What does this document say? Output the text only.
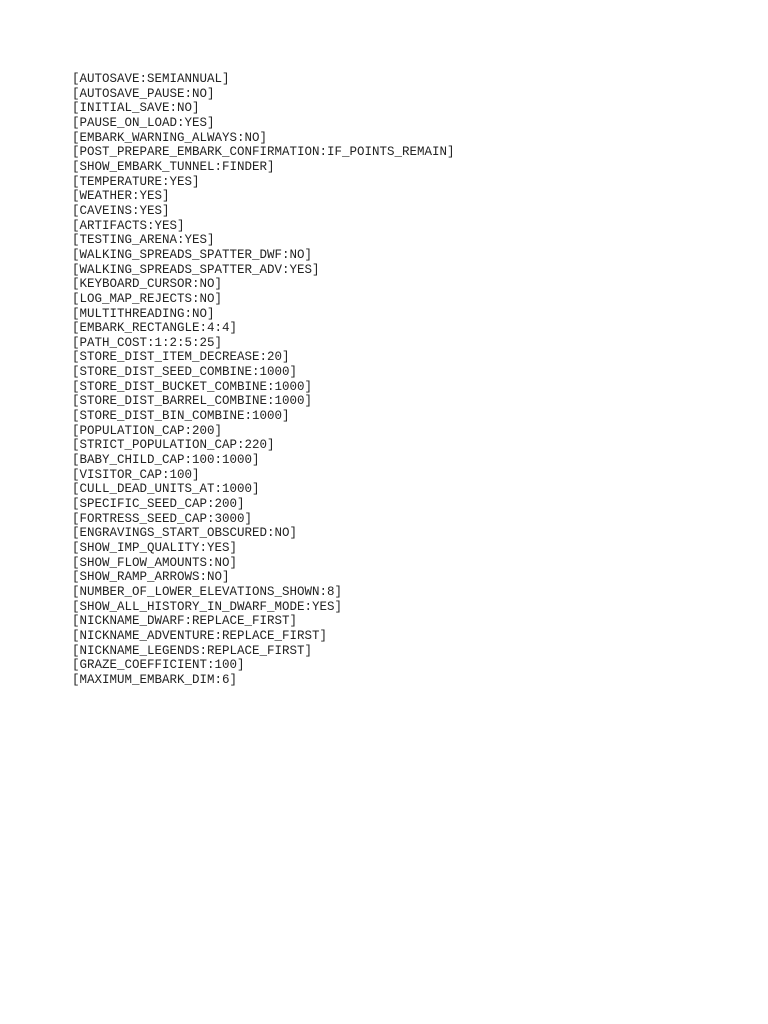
[AUTOSAVE:SEMIANNUAL]
[AUTOSAVE_PAUSE:NO]
[INITIAL_SAVE:NO]
[PAUSE_ON_LOAD:YES]
[EMBARK_WARNING_ALWAYS:NO]
[POST_PREPARE_EMBARK_CONFIRMATION:IF_POINTS_REMAIN]
[SHOW_EMBARK_TUNNEL:FINDER]
[TEMPERATURE:YES]
[WEATHER:YES]
[CAVEINS:YES]
[ARTIFACTS:YES]
[TESTING_ARENA:YES]
[WALKING_SPREADS_SPATTER_DWF:NO]
[WALKING_SPREADS_SPATTER_ADV:YES]
[KEYBOARD_CURSOR:NO]
[LOG_MAP_REJECTS:NO]
[MULTITHREADING:NO]
[EMBARK_RECTANGLE:4:4]
[PATH_COST:1:2:5:25]
[STORE_DIST_ITEM_DECREASE:20]
[STORE_DIST_SEED_COMBINE:1000]
[STORE_DIST_BUCKET_COMBINE:1000]
[STORE_DIST_BARREL_COMBINE:1000]
[STORE_DIST_BIN_COMBINE:1000]
[POPULATION_CAP:200]
[STRICT_POPULATION_CAP:220]
[BABY_CHILD_CAP:100:1000]
[VISITOR_CAP:100]
[CULL_DEAD_UNITS_AT:1000]
[SPECIFIC_SEED_CAP:200]
[FORTRESS_SEED_CAP:3000]
[ENGRAVINGS_START_OBSCURED:NO]
[SHOW_IMP_QUALITY:YES]
[SHOW_FLOW_AMOUNTS:NO]
[SHOW_RAMP_ARROWS:NO]
[NUMBER_OF_LOWER_ELEVATIONS_SHOWN:8]
[SHOW_ALL_HISTORY_IN_DWARF_MODE:YES]
[NICKNAME_DWARF:REPLACE_FIRST]
[NICKNAME_ADVENTURE:REPLACE_FIRST]
[NICKNAME_LEGENDS:REPLACE_FIRST]
[GRAZE_COEFFICIENT:100]
[MAXIMUM_EMBARK_DIM:6]
